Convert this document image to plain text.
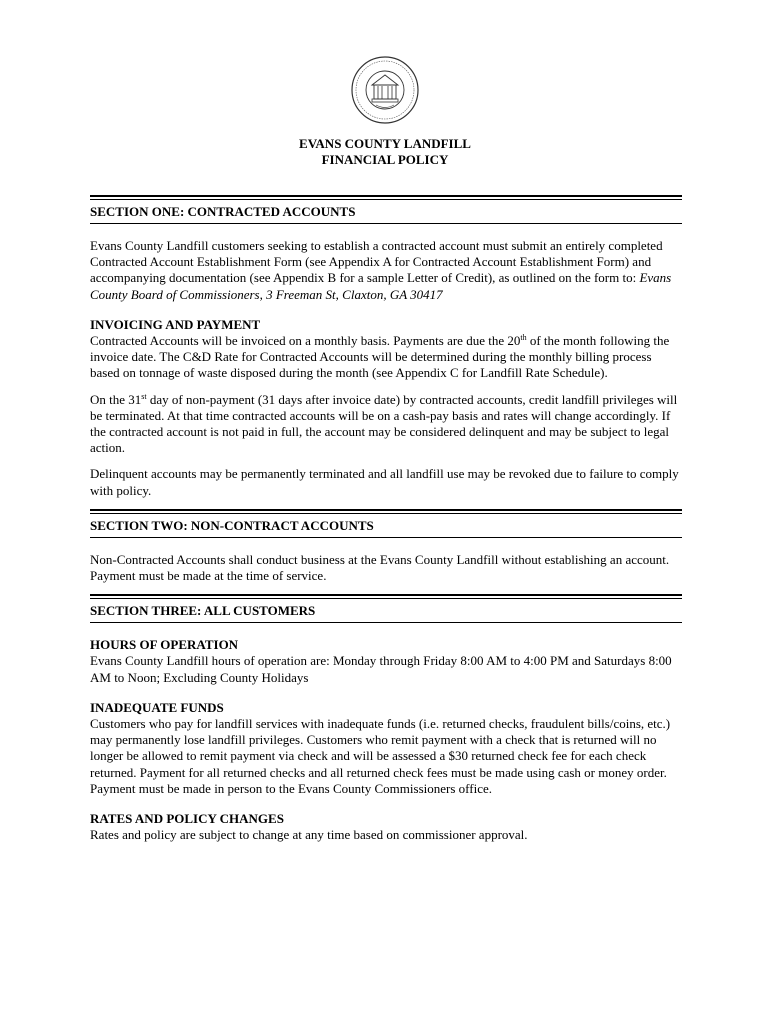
EVANS COUNTY LANDFILL
FINANCIAL POLICY
SECTION ONE: CONTRACTED ACCOUNTS

Evans County Landfill customers seeking to establish a contracted account must submit an entirely completed Contracted Account Establishment Form (see Appendix A for Contracted Account Establishment Form) and accompanying documentation (see Appendix B for a sample Letter of Credit), as outlined on the form to: Evans County Board of Commissioners, 3 Freeman St, Claxton, GA 30417

INVOICING AND PAYMENT

Contracted Accounts will be invoiced on a monthly basis. Payments are due the 20th of the month following the invoice date. The C&D Rate for Contracted Accounts will be determined during the monthly billing process based on tonnage of waste disposed during the month (see Appendix C for Landfill Rate Schedule).

On the 31st day of non-payment (31 days after invoice date) by contracted accounts, credit landfill privileges will be terminated. At that time contracted accounts will be on a cash-pay basis and rates will change accordingly. If the contracted account is not paid in full, the account may be considered delinquent and may be subject to legal action.

Delinquent accounts may be permanently terminated and all landfill use may be revoked due to failure to comply with policy.

SECTION TWO: NON-CONTRACT ACCOUNTS

Non-Contracted Accounts shall conduct business at the Evans County Landfill without establishing an account. Payment must be made at the time of service.

SECTION THREE: ALL CUSTOMERS
HOURS OF OPERATION

Evans County Landfill hours of operation are: Monday through Friday 8:00 AM to 4:00 PM and Saturdays 8:00 AM to Noon; Excluding County Holidays

INADEQUATE FUNDS

Customers who pay for landfill services with inadequate funds (i.e. returned checks, fraudulent bills/coins, etc.) may permanently lose landfill privileges. Customers who remit payment with a check that is returned will no longer be allowed to remit payment via check and will be assessed a $30 returned check fee for each check returned. Payment for all returned checks and all returned check fees must be made using cash or money order. Payment must be made in person to the Evans County Commissioners office.

RATES AND POLICY CHANGES

Rates and policy are subject to change at any time based on commissioner approval.
